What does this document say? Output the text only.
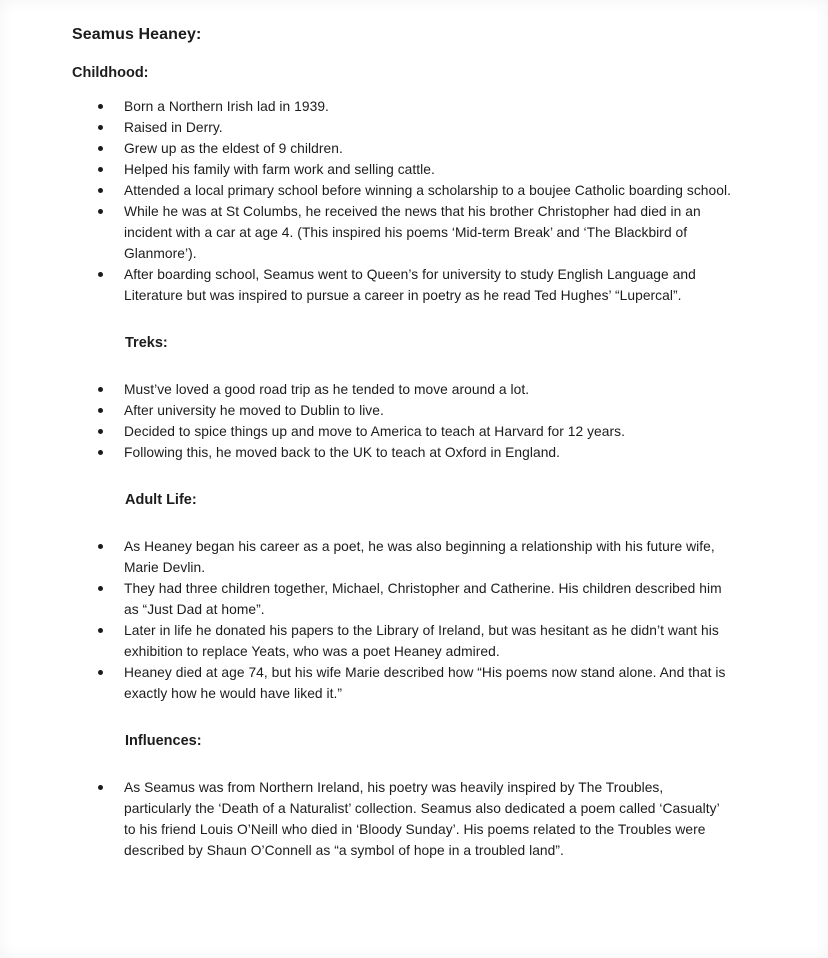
Seamus Heaney:
Childhood:
Born a Northern Irish lad in 1939.
Raised in Derry.
Grew up as the eldest of 9 children.
Helped his family with farm work and selling cattle.
Attended a local primary school before winning a scholarship to a boujee Catholic boarding school.
While he was at St Columbs, he received the news that his brother Christopher had died in an incident with a car at age 4. (This inspired his poems ‘Mid-term Break’ and ‘The Blackbird of Glanmore’).
After boarding school, Seamus went to Queen’s for university to study English Language and Literature but was inspired to pursue a career in poetry as he read Ted Hughes’ “Lupercal”.
Treks:
Must’ve loved a good road trip as he tended to move around a lot.
After university he moved to Dublin to live.
Decided to spice things up and move to America to teach at Harvard for 12 years.
Following this, he moved back to the UK to teach at Oxford in England.
Adult Life:
As Heaney began his career as a poet, he was also beginning a relationship with his future wife, Marie Devlin.
They had three children together, Michael, Christopher and Catherine. His children described him as “Just Dad at home”.
Later in life he donated his papers to the Library of Ireland, but was hesitant as he didn’t want his exhibition to replace Yeats, who was a poet Heaney admired.
Heaney died at age 74, but his wife Marie described how “His poems now stand alone. And that is exactly how he would have liked it.”
Influences:
As Seamus was from Northern Ireland, his poetry was heavily inspired by The Troubles, particularly the ‘Death of a Naturalist’ collection. Seamus also dedicated a poem called ‘Casualty’ to his friend Louis O’Neill who died in ‘Bloody Sunday’. His poems related to the Troubles were described by Shaun O’Connell as “a symbol of hope in a troubled land”.
